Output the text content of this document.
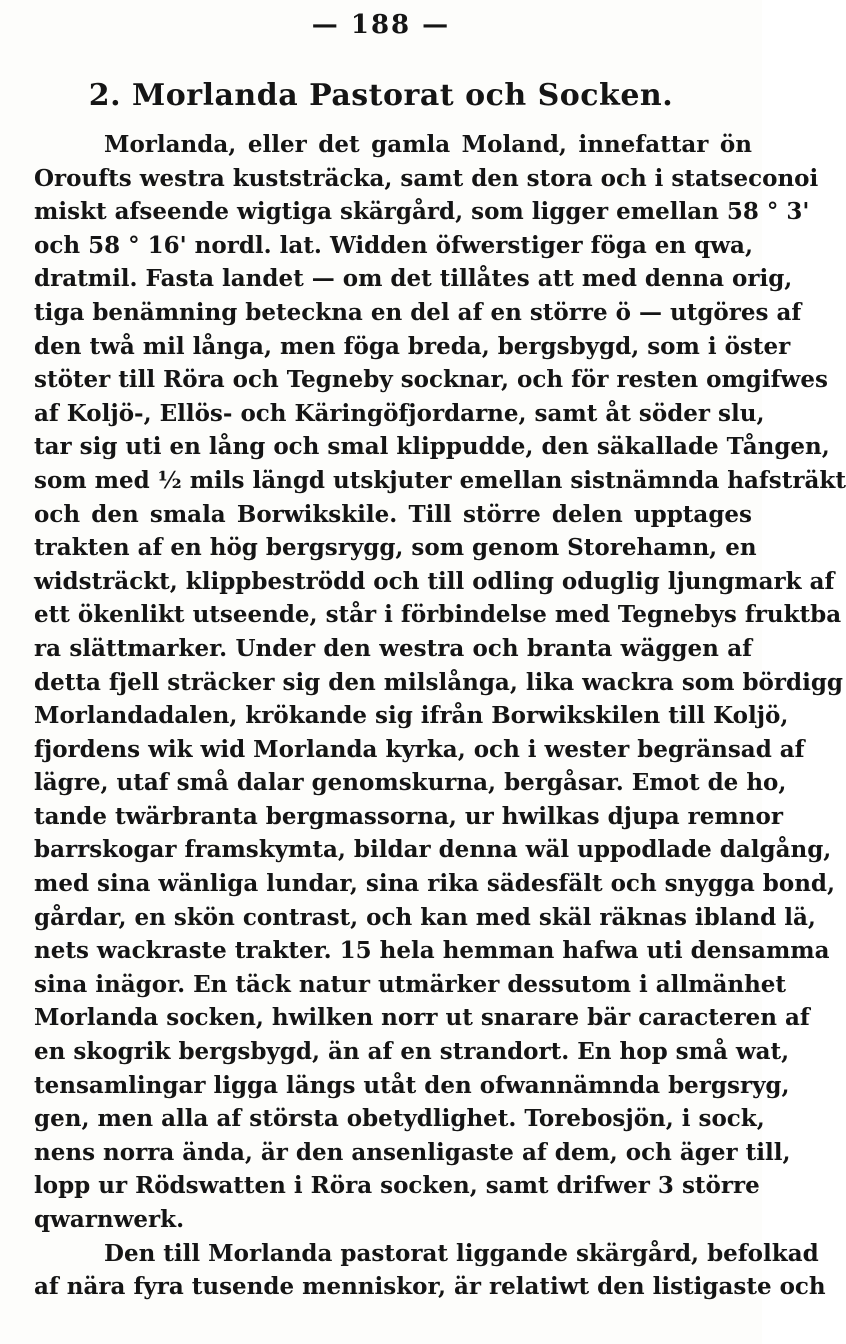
— 188 —
2. Morlanda Pastorat och Socken.
Morlanda, eller det gamla Moland, innefattar ön
Oroufts westra kuststräcka, samt den stora och i statseconoi
miskt afseende wigtiga skärgård, som ligger emellan 58 ° 3'
och 58 ° 16' nordl. lat. Widden öfwerstiger föga en qwa,
dratmil. Fasta landet — om det tillåtes att med denna orig,
tiga benämning beteckna en del af en större ö — utgöres af
den twå mil långa, men föga breda, bergsbygd, som i öster
stöter till Röra och Tegneby socknar, och för resten omgifwes
af Koljö-, Ellös- och Käringöfjordarne, samt åt söder slu,
tar sig uti en lång och smal klippudde, den säkallade Tången,
som med ½ mils längd utskjuter emellan sistnämnda hafsträkt
och den smala Borwikskile. Till större delen upptages
trakten af en hög bergsrygg, som genom Storehamn, en
widsträckt, klippbeströdd och till odling oduglig ljungmark af
ett ökenlikt utseende, står i förbindelse med Tegnebys fruktba
ra slättmarker. Under den westra och branta wäggen af
detta fjell sträcker sig den milslånga, lika wackra som bördigg
Morlandadalen, krökande sig ifrån Borwikskilen till Koljö,
fjordens wik wid Morlanda kyrka, och i wester begränsad af
lägre, utaf små dalar genomskurna, bergåsar. Emot de ho,
tande twärbranta bergmassorna, ur hwilkas djupa remnor
barrskogar framskymta, bildar denna wäl uppodlade dalgång,
med sina wänliga lundar, sina rika sädesfält och snygga bond,
gårdar, en skön contrast, och kan med skäl räknas ibland lä,
nets wackraste trakter. 15 hela hemman hafwa uti densamma
sina inägor. En täck natur utmärker dessutom i allmänhet
Morlanda socken, hwilken norr ut snarare bär caracteren af
en skogrik bergsbygd, än af en strandort. En hop små wat,
tensamlingar ligga längs utåt den ofwannämnda bergsryg,
gen, men alla af största obetydlighet. Torebosjön, i sock,
nens norra ända, är den ansenligaste af dem, och äger till,
lopp ur Rödswatten i Röra socken, samt drifwer 3 större
qwarnwerk.
Den till Morlanda pastorat liggande skärgård, befolkad
af nära fyra tusende menniskor, är relatiwt den listigaste och
